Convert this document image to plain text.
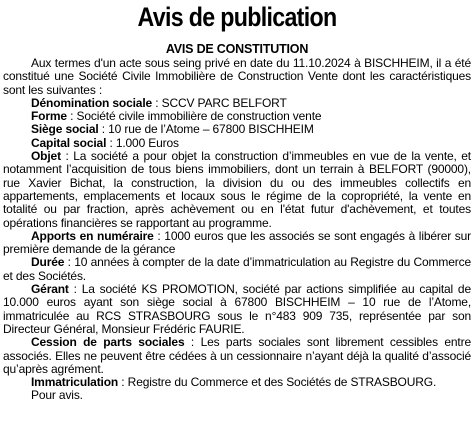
Avis de publication
AVIS DE CONSTITUTION

Aux termes d'un acte sous seing privé en date du 11.10.2024 à BISCHHEIM, il a été constitué une Société Civile Immobilière de Construction Vente dont les caractéristiques sont les suivantes :

Dénomination sociale : SCCV PARC BELFORT

Forme : Société civile immobilière de construction vente

Siège social : 10 rue de l’Atome – 67800 BISCHHEIM

Capital social : 1.000 Euros

Objet : La société a pour objet la construction d’immeubles en vue de la vente, et notamment l’acquisition de tous biens immobiliers, dont un terrain à BELFORT (90000), rue Xavier Bichat, la construction, la division du ou des immeubles collectifs en appartements, emplacements et locaux sous le régime de la copropriété, la vente en totalité ou par fraction, après achèvement ou en l'état futur d'achèvement, et toutes opérations financières se rapportant au programme.

Apports en numéraire : 1000 euros que les associés se sont engagés à libérer sur première demande de la gérance

Durée : 10 années à compter de la date d’immatriculation au Registre du Commerce et des Sociétés.

Gérant : La société KS PROMOTION, société par actions simplifiée au capital de 10.000 euros ayant son siège social à 67800 BISCHHEIM – 10 rue de l’Atome, immatriculée au RCS STRASBOURG sous le n°483 909 735, représentée par son Directeur Général, Monsieur Frédéric FAURIE.

Cession de parts sociales : Les parts sociales sont librement cessibles entre associés. Elles ne peuvent être cédées à un cessionnaire n’ayant déjà la qualité d’associé qu’après agrément.

Immatriculation : Registre du Commerce et des Sociétés de STRASBOURG.

Pour avis.
